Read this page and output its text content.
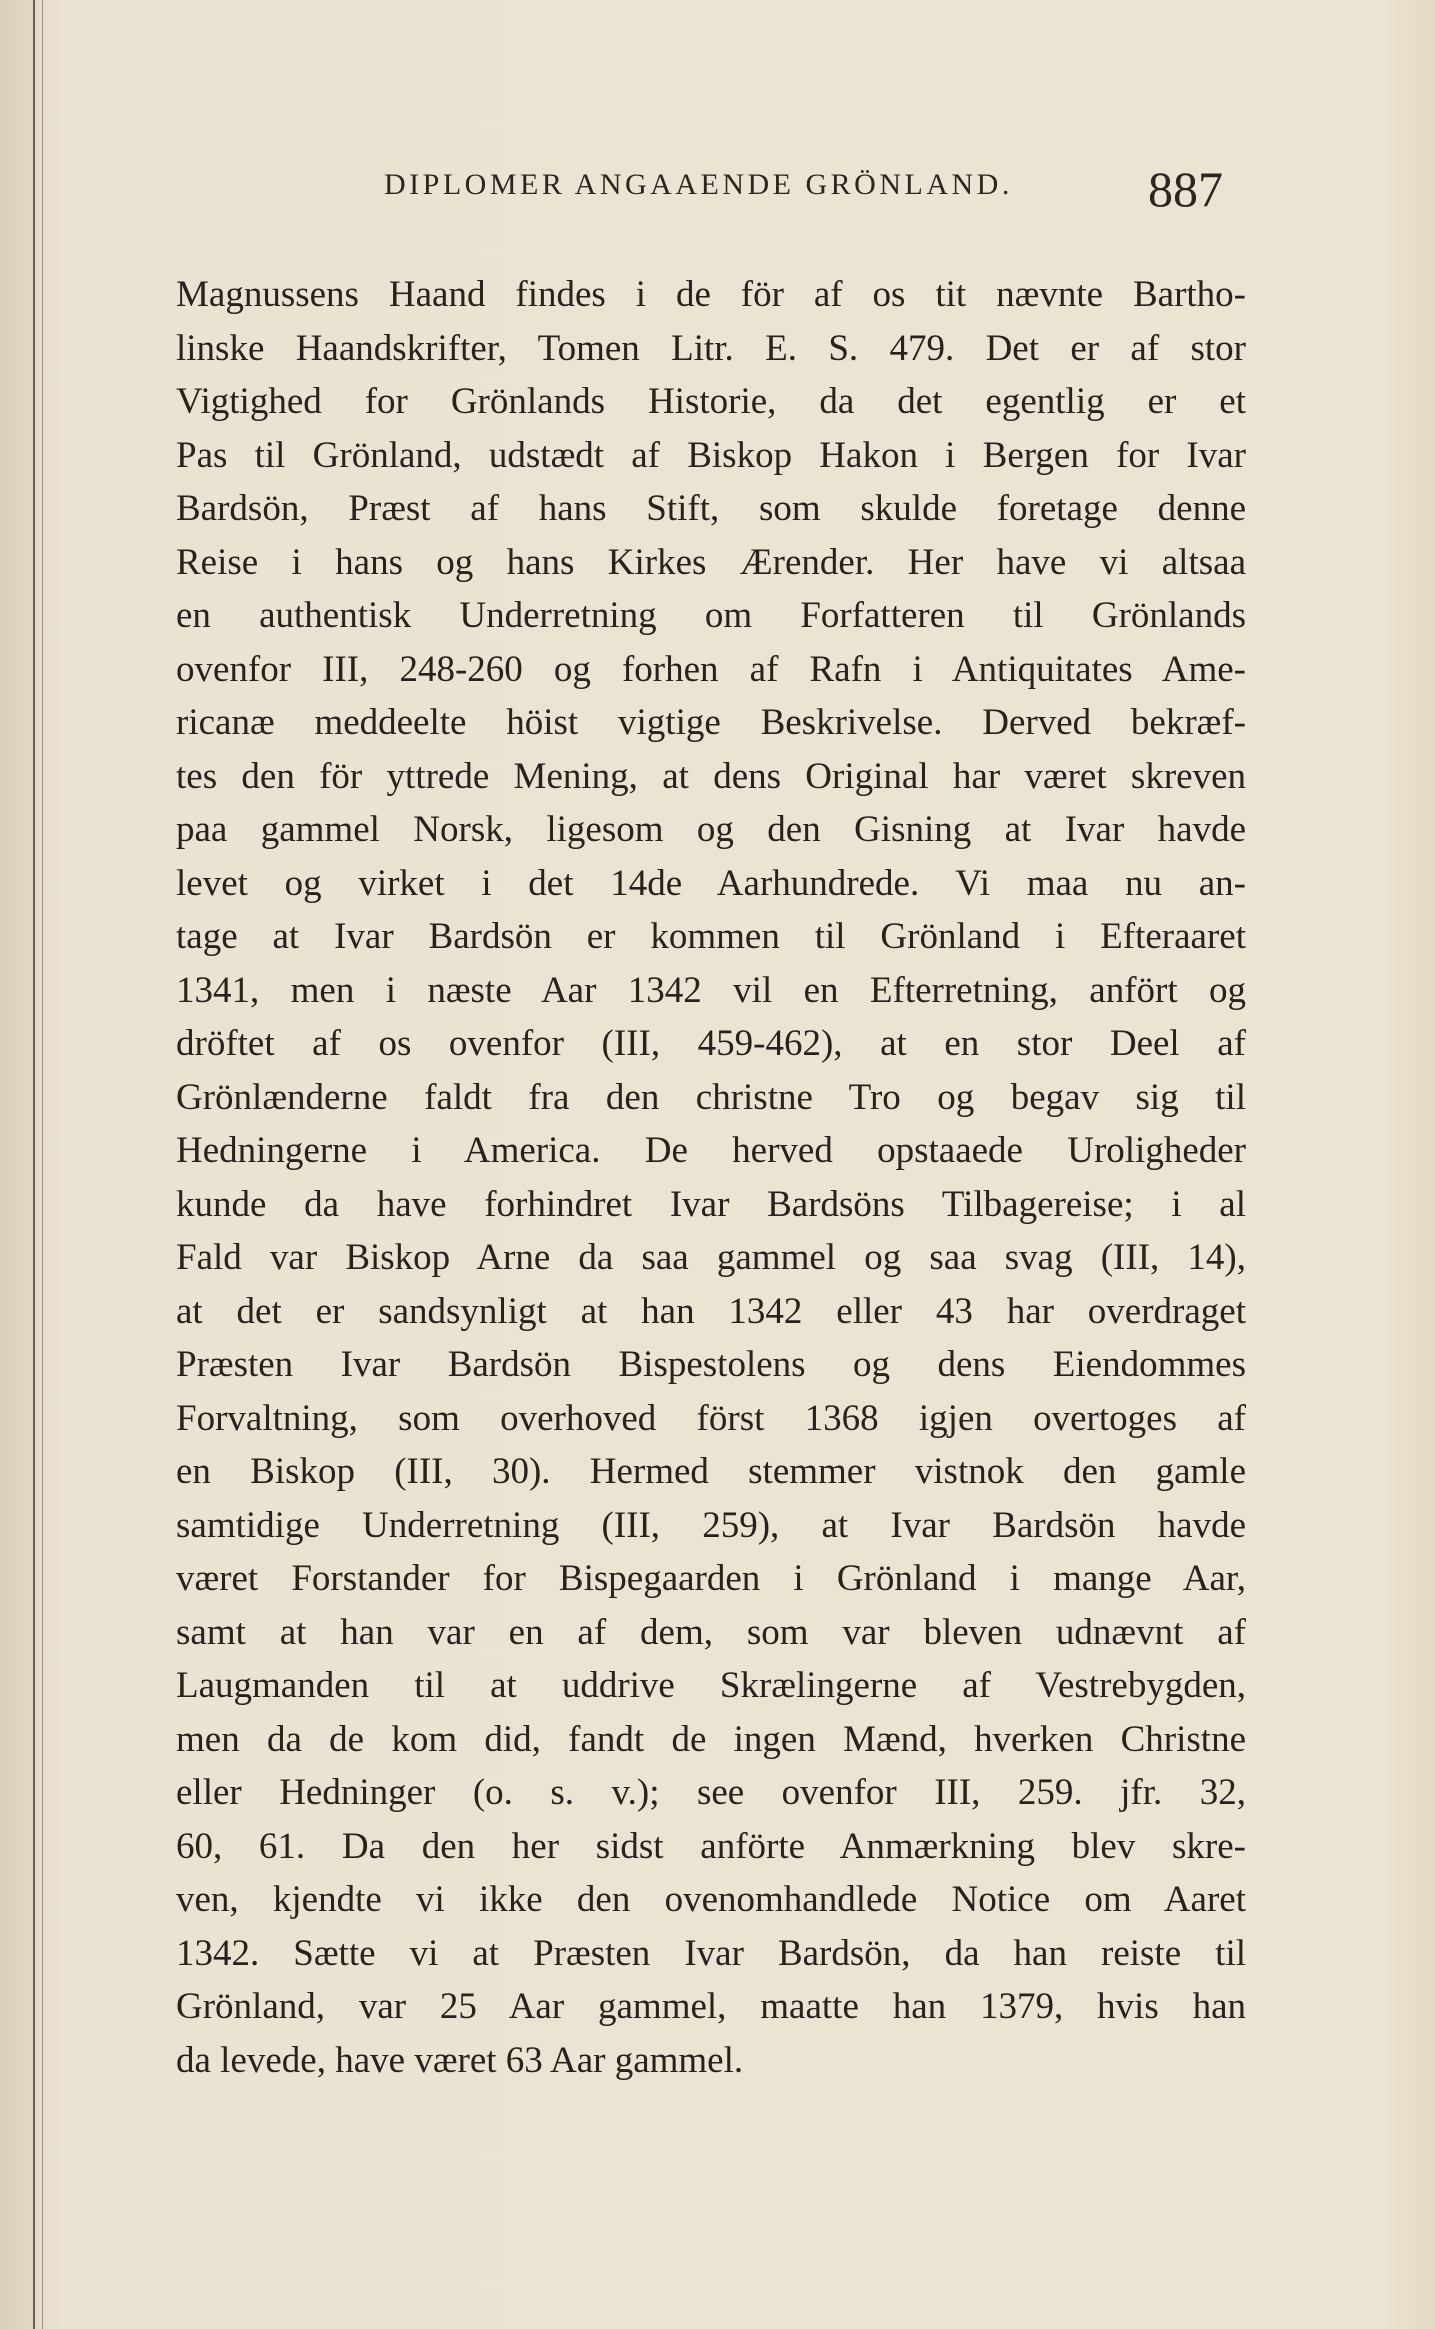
DIPLOMER ANGAAENDE GRÖNLAND.	887
Magnussens Haand findes i de för af os tit nævnte Bartho-
linske Haandskrifter, Tomen Litr. E. S. 479. Det er af stor
Vigtighed for Grönlands Historie, da det egentlig er et
Pas til Grönland, udstædt af Biskop Hakon i Bergen for Ivar
Bardsön, Præst af hans Stift, som skulde foretage denne
Reise i hans og hans Kirkes Ærender. Her have vi altsaa
en authentisk Underretning om Forfatteren til Grönlands
ovenfor III, 248-260 og forhen af Rafn i Antiquitates Ame-
ricanæ meddeelte höist vigtige Beskrivelse. Derved bekræf-
tes den för yttrede Mening, at dens Original har været skreven
paa gammel Norsk, ligesom og den Gisning at Ivar havde
levet og virket i det 14de Aarhundrede. Vi maa nu an-
tage at Ivar Bardsön er kommen til Grönland i Efteraaret
1341, men i næste Aar 1342 vil en Efterretning, anfört og
dröftet af os ovenfor (III, 459-462), at en stor Deel af
Grönlænderne faldt fra den christne Tro og begav sig til
Hedningerne i America. De herved opstaaede Uroligheder
kunde da have forhindret Ivar Bardsöns Tilbagereise; i al
Fald var Biskop Arne da saa gammel og saa svag (III, 14),
at det er sandsynligt at han 1342 eller 43 har overdraget
Præsten Ivar Bardsön Bispestolens og dens Eiendommes
Forvaltning, som overhoved först 1368 igjen overtoges af
en Biskop (III, 30). Hermed stemmer vistnok den gamle
samtidige Underretning (III, 259), at Ivar Bardsön havde
været Forstander for Bispegaarden i Grönland i mange Aar,
samt at han var en af dem, som var bleven udnævnt af
Laugmanden til at uddrive Skrælingerne af Vestrebygden,
men da de kom did, fandt de ingen Mænd, hverken Christne
eller Hedninger (o. s. v.); see ovenfor III, 259. jfr. 32,
60, 61. Da den her sidst anförte Anmærkning blev skre-
ven, kjendte vi ikke den ovenomhandlede Notice om Aaret
1342. Sætte vi at Præsten Ivar Bardsön, da han reiste til
Grönland, var 25 Aar gammel, maatte han 1379, hvis han
da levede, have været 63 Aar gammel.
